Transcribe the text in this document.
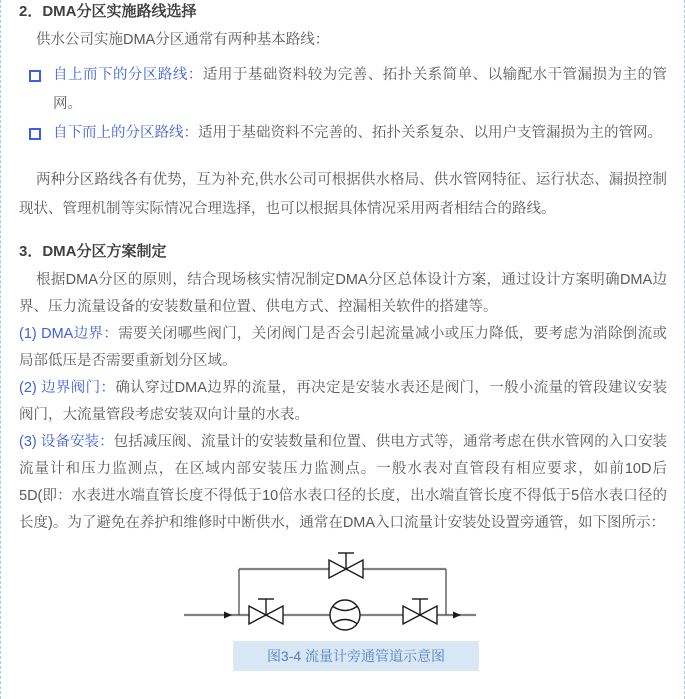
2．DMA分区实施路线选择

供水公司实施DMA分区通常有两种基本路线：

自上而下的分区路线：适用于基础资料较为完善、拓扑关系简单、以输配水干管漏损为主的管网。
自下而上的分区路线：适用于基础资料不完善的、拓扑关系复杂、以用户支管漏损为主的管网。

两种分区路线各有优势，互为补充,供水公司可根据供水格局、供水管网特征、运行状态、漏损控制现状、管理机制等实际情况合理选择，也可以根据具体情况采用两者相结合的路线。

3．DMA分区方案制定

根据DMA分区的原则，结合现场核实情况制定DMA分区总体设计方案，通过设计方案明确DMA边界、压力流量设备的安装数量和位置、供电方式、控漏相关软件的搭建等。

(1) DMA边界：需要关闭哪些阀门，关闭阀门是否会引起流量减小或压力降低，要考虑为消除倒流或局部低压是否需要重新划分区域。

(2) 边界阀门：确认穿过DMA边界的流量，再决定是安装水表还是阀门，一般小流量的管段建议安装阀门，大流量管段考虑安装双向计量的水表。

(3) 设备安装：包括减压阀、流量计的安装数量和位置、供电方式等，通常考虑在供水管网的入口安装流量计和压力监测点，在区域内部安装压力监测点。一般水表对直管段有相应要求，如前10D后5D(即：水表进水端直管长度不得低于10倍水表口径的长度，出水端直管长度不得低于5倍水表口径的长度)。为了避免在养护和维修时中断供水，通常在DMA入口流量计安装处设置旁通管，如下图所示：

图3-4 流量计旁通管道示意图
